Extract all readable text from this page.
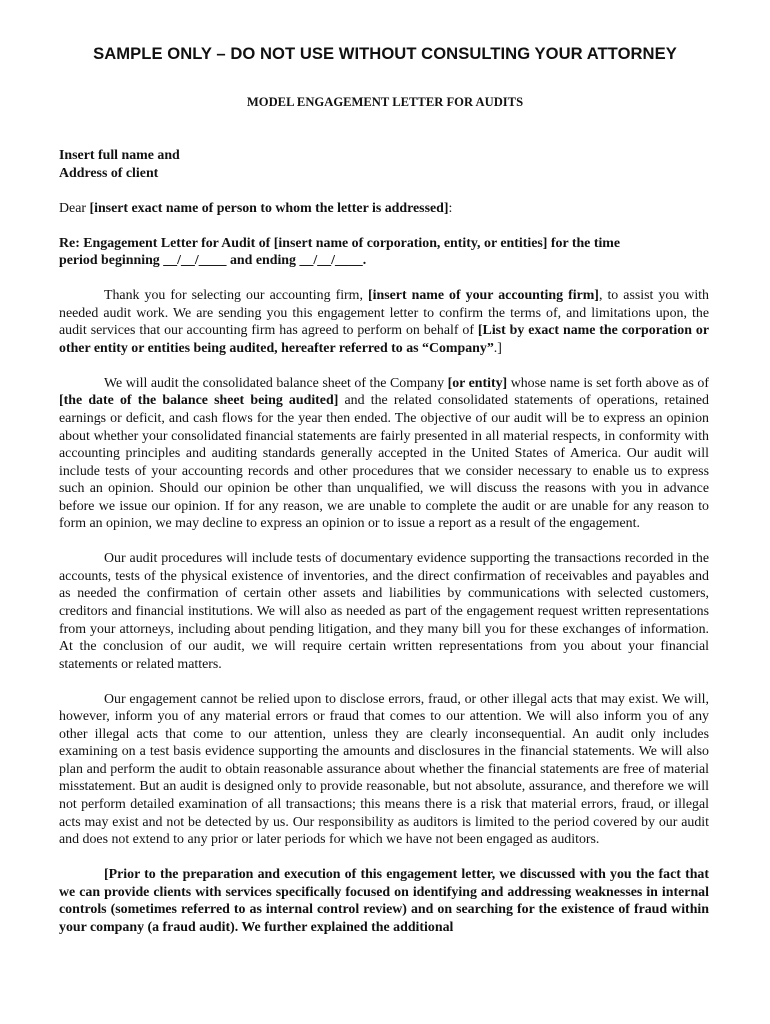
SAMPLE ONLY – DO NOT USE WITHOUT CONSULTING YOUR ATTORNEY
MODEL ENGAGEMENT LETTER FOR AUDITS

Insert full name and
Address of client

Dear [insert exact name of person to whom the letter is addressed]:

Re: Engagement Letter for Audit of [insert name of corporation, entity, or entities] for the time
period beginning __/__/____ and ending __/__/____.

Thank you for selecting our accounting firm, [insert name of your accounting firm], to assist you with needed audit work. We are sending you this engagement letter to confirm the terms of, and limitations upon, the audit services that our accounting firm has agreed to perform on behalf of [List by exact name the corporation or other entity or entities being audited, hereafter referred to as “Company”.]

We will audit the consolidated balance sheet of the Company [or entity] whose name is set forth above as of [the date of the balance sheet being audited] and the related consolidated statements of operations, retained earnings or deficit, and cash flows for the year then ended. The objective of our audit will be to express an opinion about whether your consolidated financial statements are fairly presented in all material respects, in conformity with accounting principles and auditing standards generally accepted in the United States of America. Our audit will include tests of your accounting records and other procedures that we consider necessary to enable us to express such an opinion. Should our opinion be other than unqualified, we will discuss the reasons with you in advance before we issue our opinion. If for any reason, we are unable to complete the audit or are unable for any reason to form an opinion, we may decline to express an opinion or to issue a report as a result of the engagement.

Our audit procedures will include tests of documentary evidence supporting the transactions recorded in the accounts, tests of the physical existence of inventories, and the direct confirmation of receivables and payables and as needed the confirmation of certain other assets and liabilities by communications with selected customers, creditors and financial institutions. We will also as needed as part of the engagement request written representations from your attorneys, including about pending litigation, and they many bill you for these exchanges of information. At the conclusion of our audit, we will require certain written representations from you about your financial statements or related matters.

Our engagement cannot be relied upon to disclose errors, fraud, or other illegal acts that may exist. We will, however, inform you of any material errors or fraud that comes to our attention. We will also inform you of any other illegal acts that come to our attention, unless they are clearly inconsequential. An audit only includes examining on a test basis evidence supporting the amounts and disclosures in the financial statements. We will also plan and perform the audit to obtain reasonable assurance about whether the financial statements are free of material misstatement. But an audit is designed only to provide reasonable, but not absolute, assurance, and therefore we will not perform detailed examination of all transactions; this means there is a risk that material errors, fraud, or illegal acts may exist and not be detected by us. Our responsibility as auditors is limited to the period covered by our audit and does not extend to any prior or later periods for which we have not been engaged as auditors.

[Prior to the preparation and execution of this engagement letter, we discussed with you the fact that we can provide clients with services specifically focused on identifying and addressing weaknesses in internal controls (sometimes referred to as internal control review) and on searching for the existence of fraud within your company (a fraud audit). We further explained the additional
